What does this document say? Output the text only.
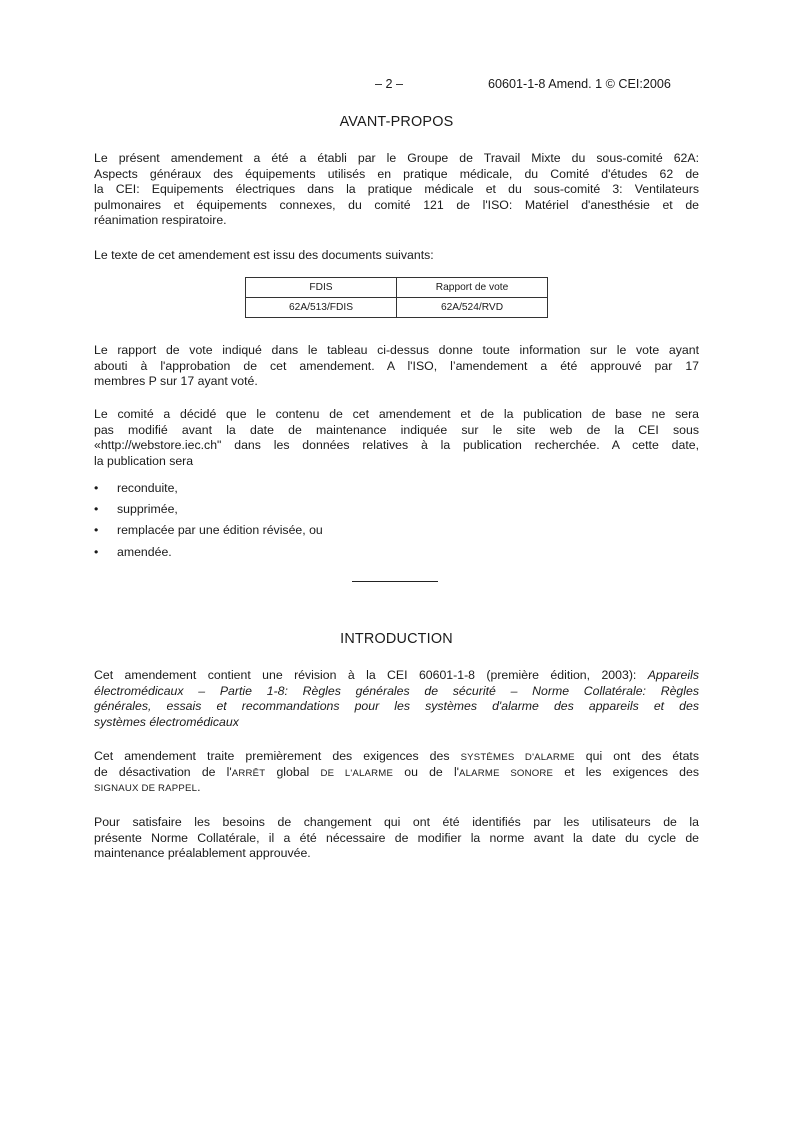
– 2 –	60601-1-8 Amend. 1 © CEI:2006
AVANT-PROPOS
Le présent amendement a été a établi par le Groupe de Travail Mixte du sous-comité 62A:
Aspects généraux des équipements utilisés en pratique médicale, du Comité d'études 62 de
la CEI: Equipements électriques dans la pratique médicale et du sous-comité 3: Ventilateurs
pulmonaires et équipements connexes, du comité 121 de l'ISO: Matériel d'anesthésie et de
réanimation respiratoire.
Le texte de cet amendement est issu des documents suivants:
FDIS	Rapport de vote
62A/513/FDIS	62A/524/RVD
Le rapport de vote indiqué dans le tableau ci-dessus donne toute information sur le vote ayant
abouti à l'approbation de cet amendement. A l'ISO, l’amendement a été approuvé par 17
membres P sur 17 ayant voté.
Le comité a décidé que le contenu de cet amendement et de la publication de base ne sera
pas modifié avant la date de maintenance indiquée sur le site web de la CEI sous
«http://webstore.iec.ch" dans les données relatives à la publication recherchée. A cette date,
la publication sera
• reconduite,
• supprimée,
• remplacée par une édition révisée, ou
• amendée.
INTRODUCTION
Cet amendement contient une révision à la CEI 60601-1-8 (première édition, 2003): Appareils
électromédicaux – Partie 1-8: Règles générales de sécurité – Norme Collatérale: Règles
générales, essais et recommandations pour les systèmes d'alarme des appareils et des
systèmes électromédicaux
Cet amendement traite premièrement des exigences des SYSTÈMES D'ALARME qui ont des états
de désactivation de l'ARRÊT global DE L'ALARME ou de l'ALARME SONORE et les exigences des
SIGNAUX DE RAPPEL.
Pour satisfaire les besoins de changement qui ont été identifiés par les utilisateurs de la
présente Norme Collatérale, il a été nécessaire de modifier la norme avant la date du cycle de
maintenance préalablement approuvée.
